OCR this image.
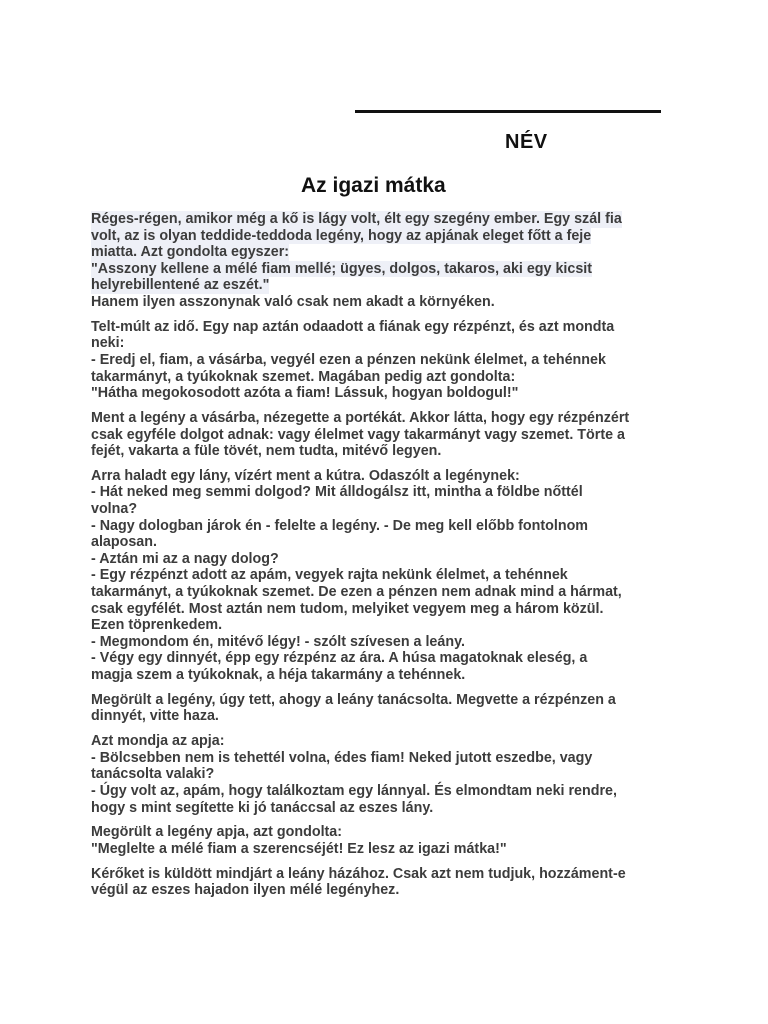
NÉV
Az igazi mátka
Réges-régen, amikor még a kő is lágy volt, élt egy szegény ember. Egy szál fia
volt, az is olyan teddide-teddoda legény, hogy az apjának eleget főtt a feje
miatta. Azt gondolta egyszer:
"Asszony kellene a mélé fiam mellé; ügyes, dolgos, takaros, aki egy kicsit
helyrebillentené az eszét."
Hanem ilyen asszonynak való csak nem akadt a környéken.
Telt-múlt az idő. Egy nap aztán odaadott a fiának egy rézpénzt, és azt mondta
neki:
- Eredj el, fiam, a vásárba, vegyél ezen a pénzen nekünk élelmet, a tehénnek
takarmányt, a tyúkoknak szemet. Magában pedig azt gondolta:
"Hátha megokosodott azóta a fiam! Lássuk, hogyan boldogul!"
Ment a legény a vásárba, nézegette a portékát. Akkor látta, hogy egy rézpénzért
csak egyféle dolgot adnak: vagy élelmet vagy takarmányt vagy szemet. Törte a
fejét, vakarta a füle tövét, nem tudta, mitévő legyen.
Arra haladt egy lány, vízért ment a kútra. Odaszólt a legénynek:
- Hát neked meg semmi dolgod? Mit álldogálsz itt, mintha a földbe nőttél
volna?
- Nagy dologban járok én - felelte a legény. - De meg kell előbb fontolnom
alaposan.
- Aztán mi az a nagy dolog?
- Egy rézpénzt adott az apám, vegyek rajta nekünk élelmet, a tehénnek
takarmányt, a tyúkoknak szemet. De ezen a pénzen nem adnak mind a hármat,
csak egyfélét. Most aztán nem tudom, melyiket vegyem meg a három közül.
Ezen töprenkedem.
- Megmondom én, mitévő légy! - szólt szívesen a leány.
- Végy egy dinnyét, épp egy rézpénz az ára. A húsa magatoknak eleség, a
magja szem a tyúkoknak, a héja takarmány a tehénnek.
Megörült a legény, úgy tett, ahogy a leány tanácsolta. Megvette a rézpénzen a
dinnyét, vitte haza.
Azt mondja az apja:
- Bölcsebben nem is tehettél volna, édes fiam! Neked jutott eszedbe, vagy
tanácsolta valaki?
- Úgy volt az, apám, hogy találkoztam egy lánnyal. És elmondtam neki rendre,
hogy s mint segítette ki jó tanáccsal az eszes lány.
Megörült a legény apja, azt gondolta:
"Meglelte a mélé fiam a szerencséjét! Ez lesz az igazi mátka!"
Kérőket is küldött mindjárt a leány házához. Csak azt nem tudjuk, hozzáment-e
végül az eszes hajadon ilyen mélé legényhez.
